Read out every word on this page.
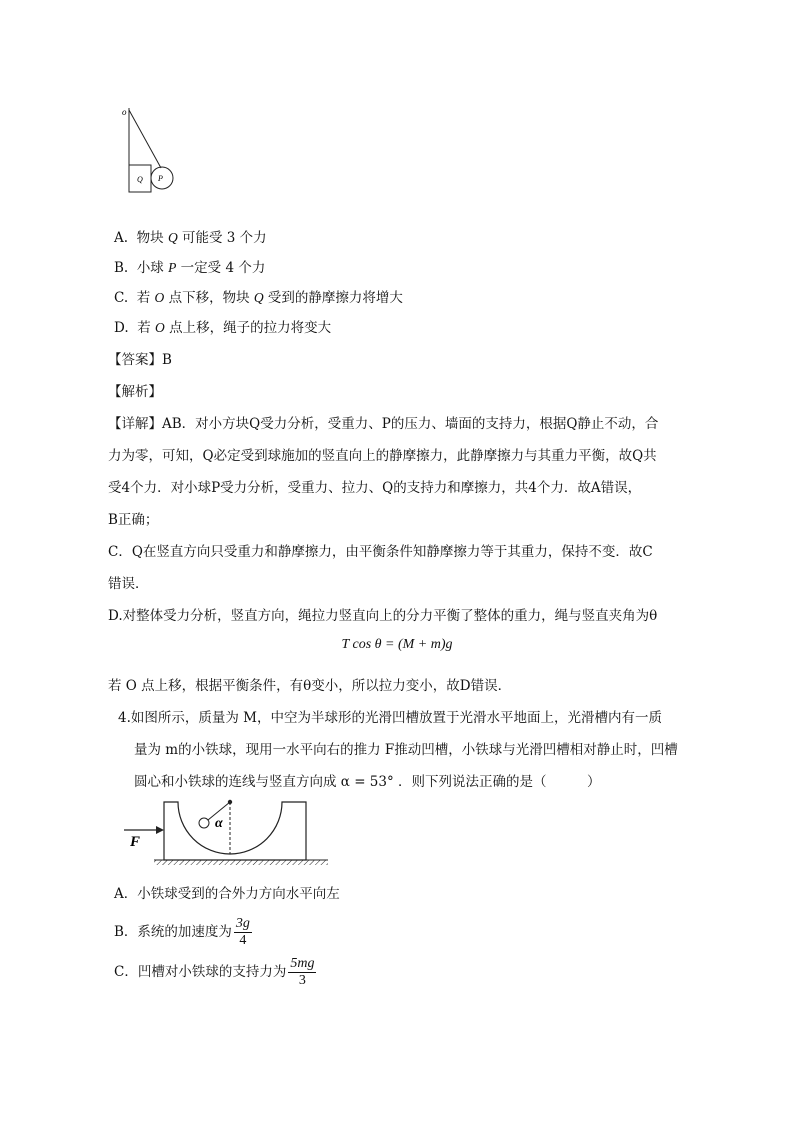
o
Q P
A. 物块 Q 可能受 3 个力
B. 小球 P 一定受 4 个力
C. 若 O 点下移，物块 Q 受到的静摩擦力将增大
D. 若 O 点上移，绳子的拉力将变大
【答案】B
【解析】
【详解】AB．对小方块Q受力分析，受重力、P的压力、墙面的支持力，根据Q静止不动，合
力为零，可知，Q必定受到球施加的竖直向上的静摩擦力，此静摩擦力与其重力平衡，故Q共
受4个力．对小球P受力分析，受重力、拉力、Q的支持力和摩擦力，共4个力．故A错误，
B正确；
C．Q在竖直方向只受重力和静摩擦力，由平衡条件知静摩擦力等于其重力，保持不变．故C
错误．
D.对整体受力分析，竖直方向，绳拉力竖直向上的分力平衡了整体的重力，绳与竖直夹角为θ
T cos θ = (M + m)g
若 O 点上移，根据平衡条件，有θ变小，所以拉力变小，故D错误．
4.如图所示，质量为 M，中空为半球形的光滑凹槽放置于光滑水平地面上，光滑槽内有一质
量为 m的小铁球，现用一水平向右的推力 F推动凹槽，小铁球与光滑凹槽相对静止时，凹槽
圆心和小铁球的连线与竖直方向成 α = 53° ．则下列说法正确的是（　　　）
α
F
A．小铁球受到的合外力方向水平向左
B．系统的加速度为 $\frac{3g}{4}$
C．凹槽对小铁球的支持力为 $\frac{5mg}{3}$
